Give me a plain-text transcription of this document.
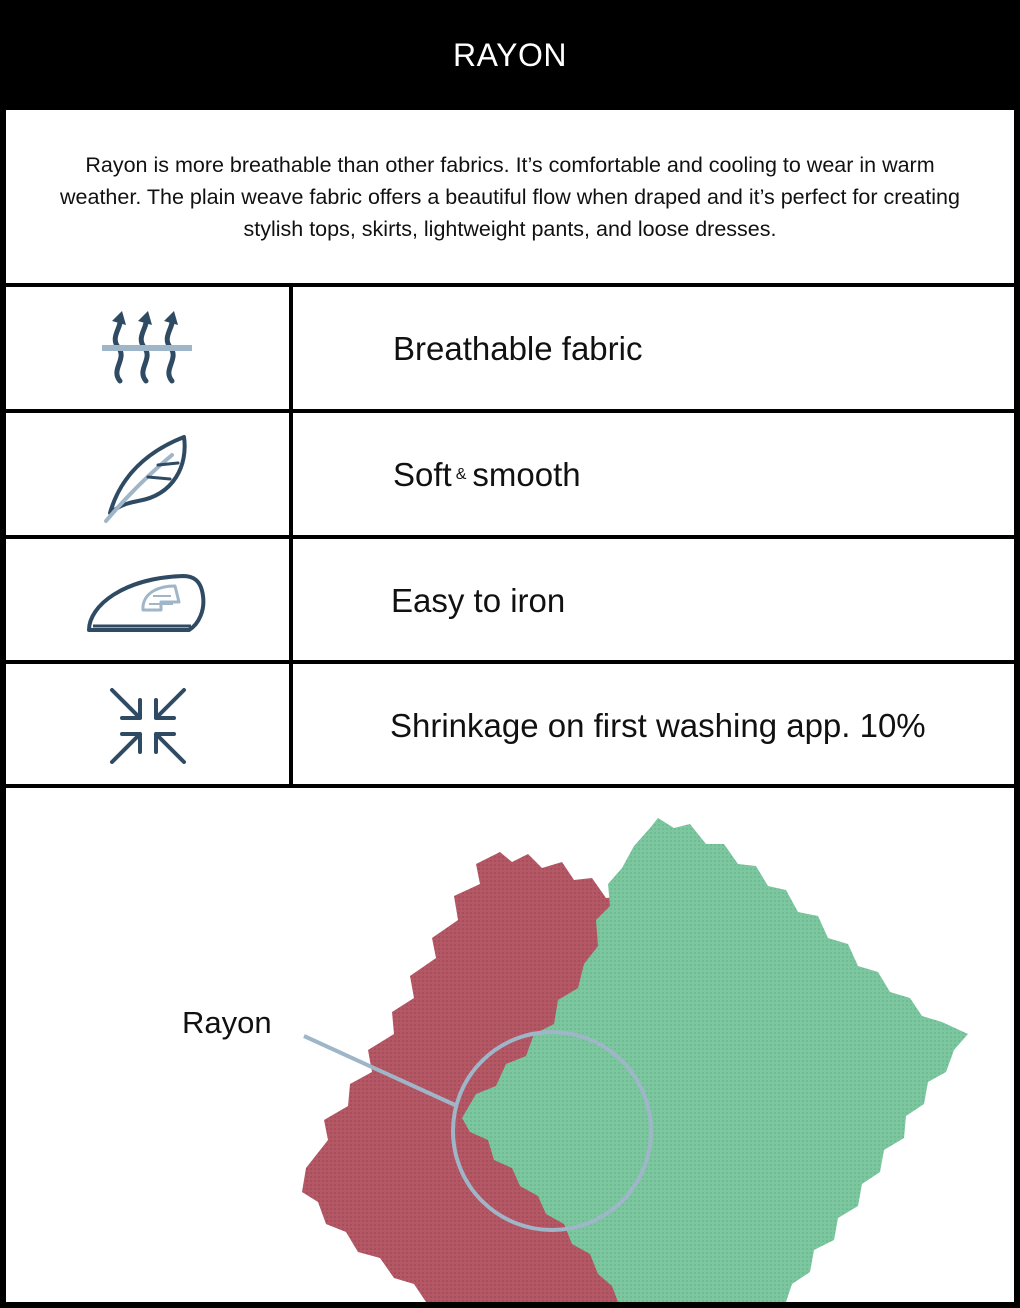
RAYON
Rayon is more breathable than other fabrics. It’s comfortable and cooling to wear in warm weather. The plain weave fabric offers a beautiful flow when draped and it’s perfect for creating stylish tops, skirts, lightweight pants, and loose dresses.
Breathable fabric
Soft & smooth
Easy to iron
Shrinkage on first washing app. 10%
Rayon
